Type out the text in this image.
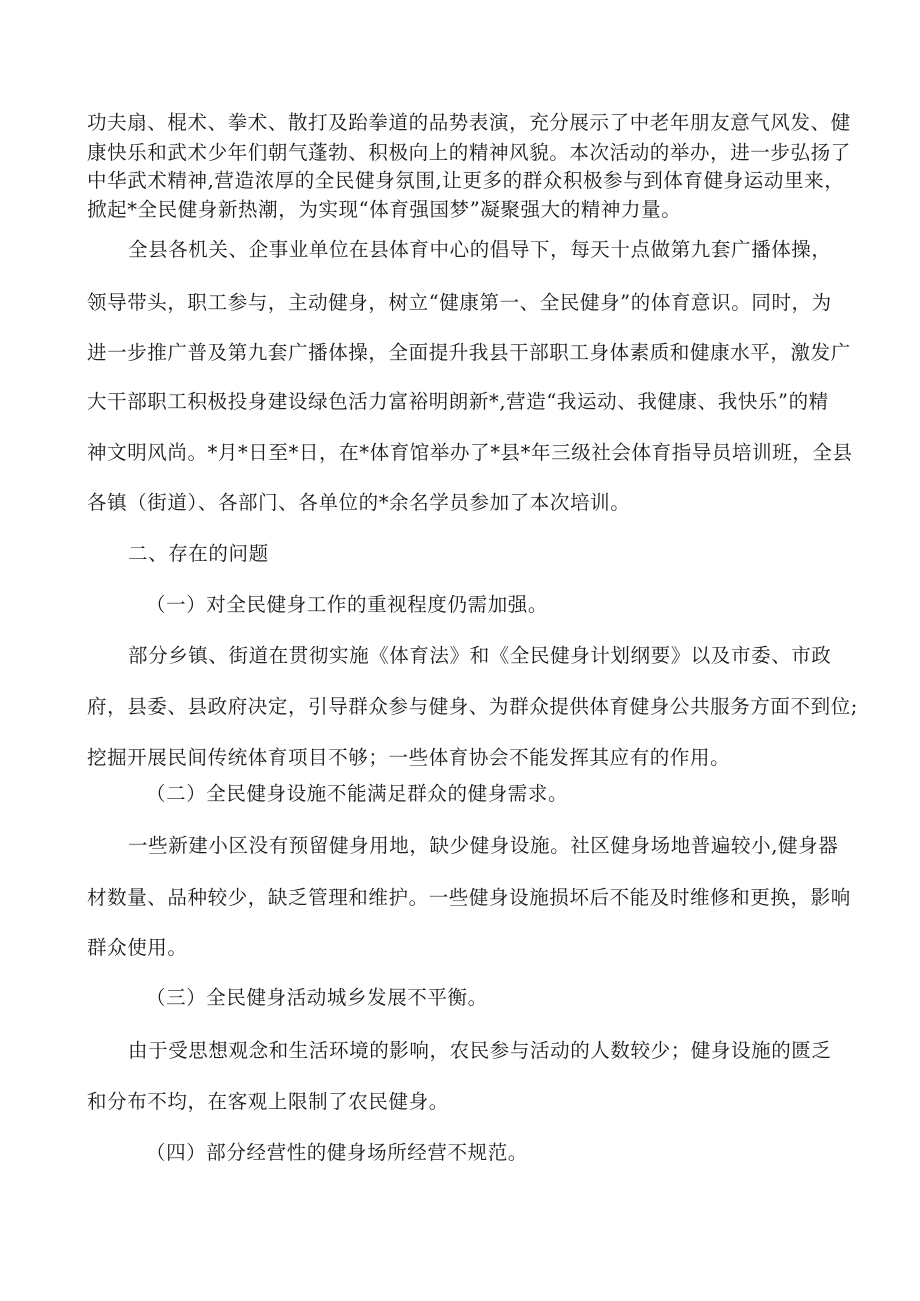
功夫扇、棍术、拳术、散打及跆拳道的品势表演，充分展示了中老年朋友意气风发、健
康快乐和武术少年们朝气蓬勃、积极向上的精神风貌。本次活动的举办，进一步弘扬了
中华武术精神,营造浓厚的全民健身氛围,让更多的群众积极参与到体育健身运动里来，
掀起*全民健身新热潮，为实现“体育强国梦”凝聚强大的精神力量。
全县各机关、企事业单位在县体育中心的倡导下，每天十点做第九套广播体操，
领导带头，职工参与，主动健身，树立“健康第一、全民健身”的体育意识。同时，为
进一步推广普及第九套广播体操，全面提升我县干部职工身体素质和健康水平，激发广
大干部职工积极投身建设绿色活力富裕明朗新*,营造“我运动、我健康、我快乐”的精
神文明风尚。*月*日至*日，在*体育馆举办了*县*年三级社会体育指导员培训班，全县
各镇（街道）、各部门、各单位的*余名学员参加了本次培训。
二、存在的问题
（一）对全民健身工作的重视程度仍需加强。
部分乡镇、街道在贯彻实施《体育法》和《全民健身计划纲要》以及市委、市政
府，县委、县政府决定，引导群众参与健身、为群众提供体育健身公共服务方面不到位;
挖掘开展民间传统体育项目不够；一些体育协会不能发挥其应有的作用。
（二）全民健身设施不能满足群众的健身需求。
一些新建小区没有预留健身用地，缺少健身设施。社区健身场地普遍较小,健身器
材数量、品种较少，缺乏管理和维护。一些健身设施损坏后不能及时维修和更换，影响
群众使用。
（三）全民健身活动城乡发展不平衡。
由于受思想观念和生活环境的影响，农民参与活动的人数较少；健身设施的匮乏
和分布不均，在客观上限制了农民健身。
（四）部分经营性的健身场所经营不规范。
